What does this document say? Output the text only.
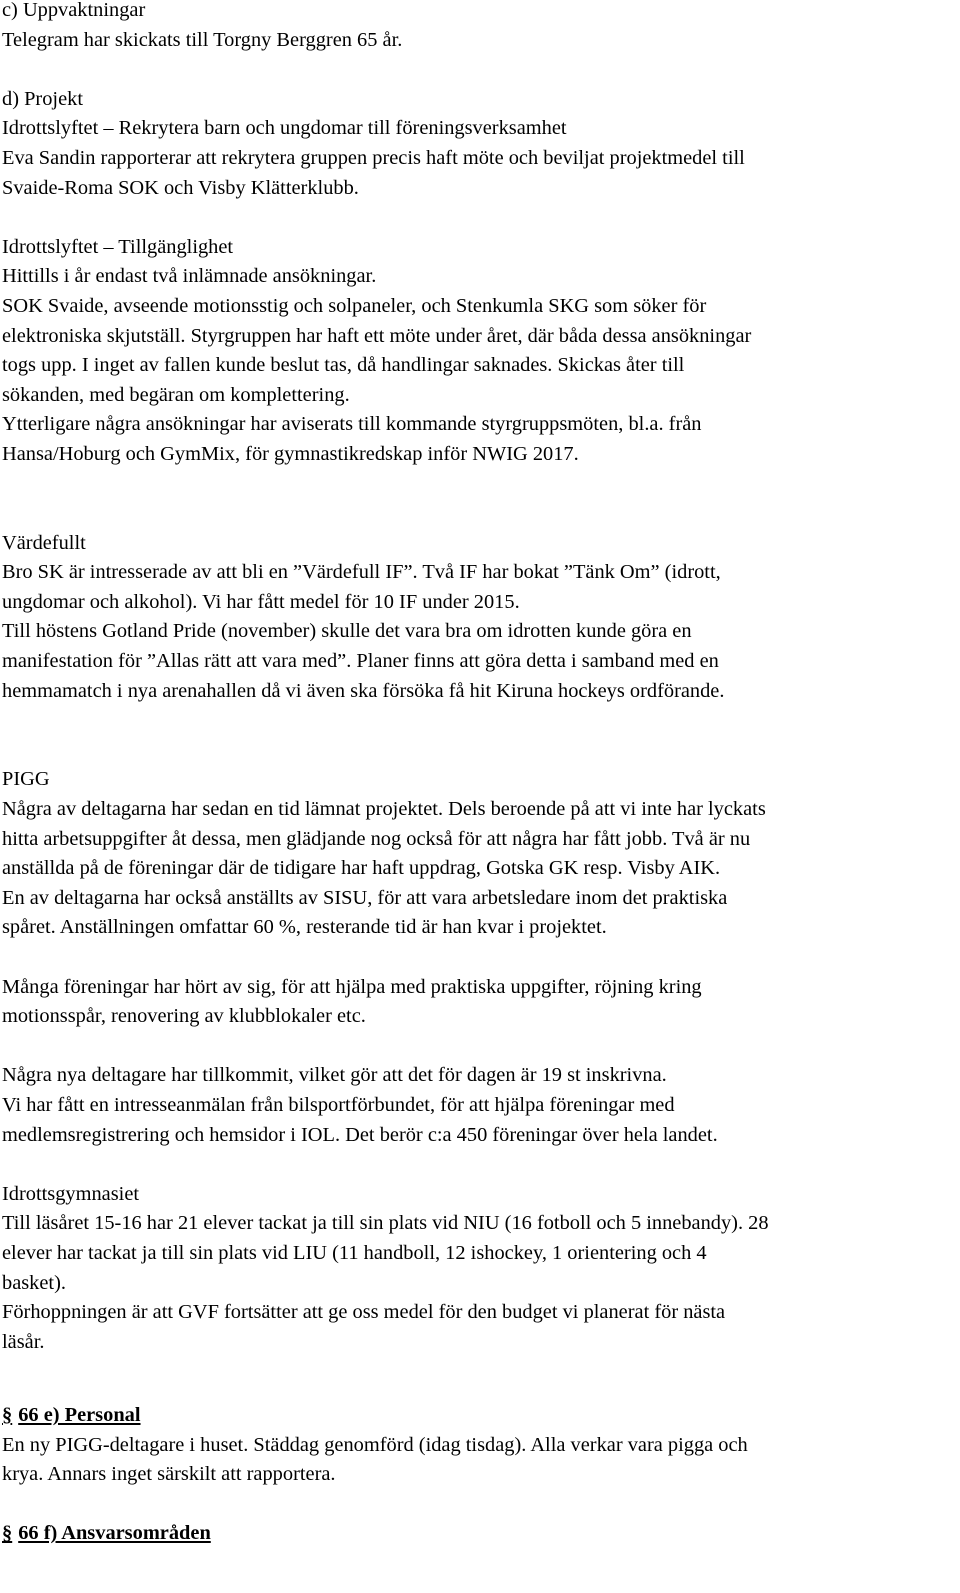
c) Uppvaktningar
Telegram har skickats till Torgny Berggren 65 år.
d) Projekt
Idrottslyftet – Rekrytera barn och ungdomar till föreningsverksamhet
Eva Sandin rapporterar att rekrytera gruppen precis haft möte och beviljat projektmedel till
Svaide-Roma SOK och Visby Klätterklubb.
Idrottslyftet – Tillgänglighet
Hittills i år endast två inlämnade ansökningar.
SOK Svaide, avseende motionsstig och solpaneler, och Stenkumla SKG som söker för
elektroniska skjutställ. Styrgruppen har haft ett möte under året, där båda dessa ansökningar
togs upp. I inget av fallen kunde beslut tas, då handlingar saknades. Skickas åter till
sökanden, med begäran om komplettering.
Ytterligare några ansökningar har aviserats till kommande styrgruppsmöten, bl.a. från
Hansa/Hoburg och GymMix, för gymnastikredskap inför NWIG 2017.
Värdefullt
Bro SK är intresserade av att bli en ”Värdefull IF”. Två IF har bokat ”Tänk Om” (idrott,
ungdomar och alkohol). Vi har fått medel för 10 IF under 2015.
Till höstens Gotland Pride (november) skulle det vara bra om idrotten kunde göra en
manifestation för ”Allas rätt att vara med”. Planer finns att göra detta i samband med en
hemmamatch i nya arenahallen då vi även ska försöka få hit Kiruna hockeys ordförande.
PIGG
Några av deltagarna har sedan en tid lämnat projektet. Dels beroende på att vi inte har lyckats
hitta arbetsuppgifter åt dessa, men glädjande nog också för att några har fått jobb. Två är nu
anställda på de föreningar där de tidigare har haft uppdrag, Gotska GK resp. Visby AIK.
En av deltagarna har också anställts av SISU, för att vara arbetsledare inom det praktiska
spåret. Anställningen omfattar 60 %, resterande tid är han kvar i projektet.
Många föreningar har hört av sig, för att hjälpa med praktiska uppgifter, röjning kring
motionsspår, renovering av klubblokaler etc.
Några nya deltagare har tillkommit, vilket gör att det för dagen är 19 st inskrivna.
Vi har fått en intresseanmälan från bilsportförbundet, för att hjälpa föreningar med
medlemsregistrering och hemsidor i IOL. Det berör c:a 450 föreningar över hela landet.
Idrottsgymnasiet
Till läsåret 15-16 har 21 elever tackat ja till sin plats vid NIU (16 fotboll och 5 innebandy). 28
elever har tackat ja till sin plats vid LIU (11 handboll, 12 ishockey, 1 orientering och 4
basket).
Förhoppningen är att GVF fortsätter att ge oss medel för den budget vi planerat för nästa
läsår.
§ 66 e) Personal
En ny PIGG-deltagare i huset. Städdag genomförd (idag tisdag). Alla verkar vara pigga och
krya. Annars inget särskilt att rapportera.
§ 66 f) Ansvarsområden
